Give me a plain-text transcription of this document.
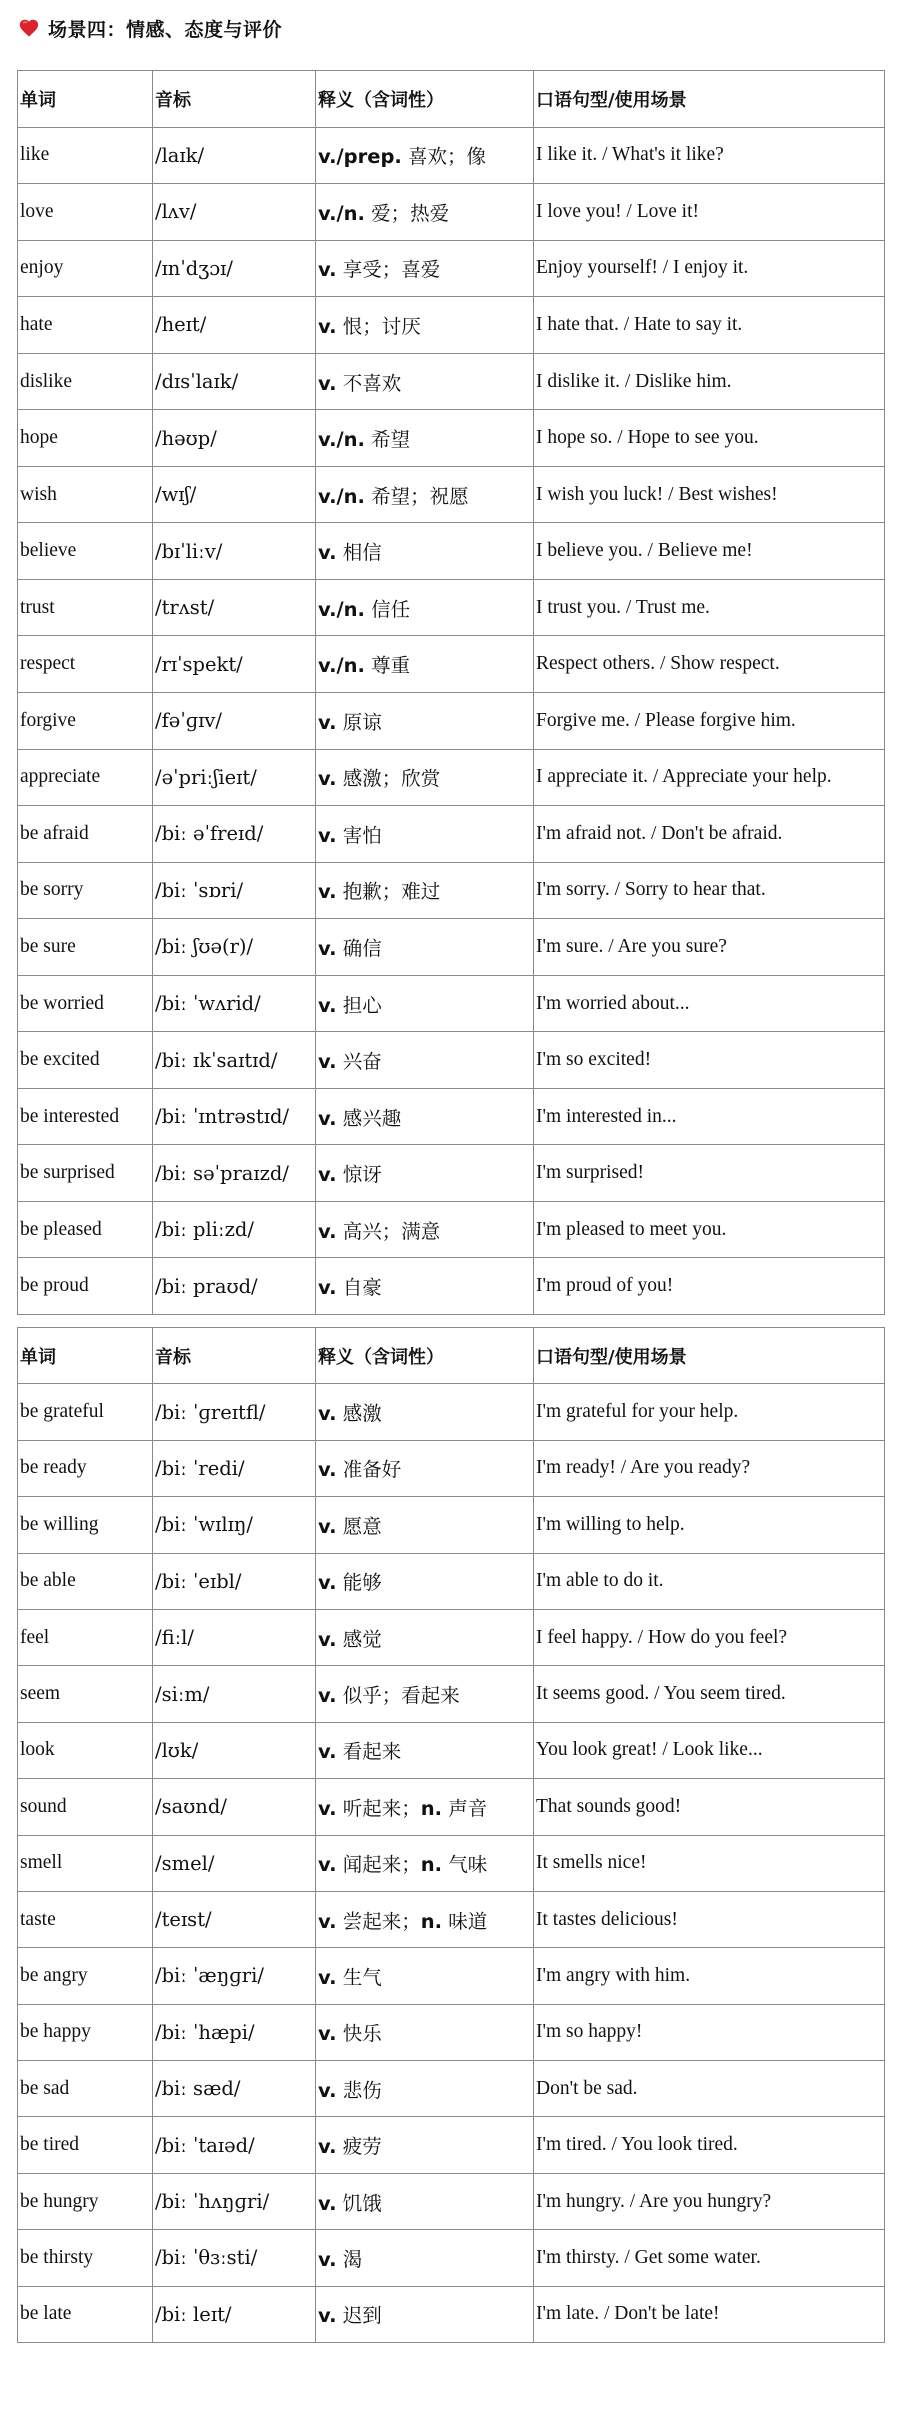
场景四：情感、态度与评价
单词	音标	释义（含词性）	口语句型/使用场景
like	/laɪk/	v./prep. 喜欢；像	I like it. / What's it like?
love	/lʌv/	v./n. 爱；热爱	I love you! / Love it!
enjoy	/ɪnˈdʒɔɪ/	v. 享受；喜爱	Enjoy yourself! / I enjoy it.
hate	/heɪt/	v. 恨；讨厌	I hate that. / Hate to say it.
dislike	/dɪsˈlaɪk/	v. 不喜欢	I dislike it. / Dislike him.
hope	/həʊp/	v./n. 希望	I hope so. / Hope to see you.
wish	/wɪʃ/	v./n. 希望；祝愿	I wish you luck! / Best wishes!
believe	/bɪˈliːv/	v. 相信	I believe you. / Believe me!
trust	/trʌst/	v./n. 信任	I trust you. / Trust me.
respect	/rɪˈspekt/	v./n. 尊重	Respect others. / Show respect.
forgive	/fəˈɡɪv/	v. 原谅	Forgive me. / Please forgive him.
appreciate	/əˈpriːʃieɪt/	v. 感激；欣赏	I appreciate it. / Appreciate your help.
be afraid	/biː əˈfreɪd/	v. 害怕	I'm afraid not. / Don't be afraid.
be sorry	/biː ˈsɒri/	v. 抱歉；难过	I'm sorry. / Sorry to hear that.
be sure	/biː ʃʊə(r)/	v. 确信	I'm sure. / Are you sure?
be worried	/biː ˈwʌrid/	v. 担心	I'm worried about...
be excited	/biː ɪkˈsaɪtɪd/	v. 兴奋	I'm so excited!
be interested	/biː ˈɪntrəstɪd/	v. 感兴趣	I'm interested in...
be surprised	/biː səˈpraɪzd/	v. 惊讶	I'm surprised!
be pleased	/biː pliːzd/	v. 高兴；满意	I'm pleased to meet you.
be proud	/biː praʊd/	v. 自豪	I'm proud of you!
单词	音标	释义（含词性）	口语句型/使用场景
be grateful	/biː ˈɡreɪtfl/	v. 感激	I'm grateful for your help.
be ready	/biː ˈredi/	v. 准备好	I'm ready! / Are you ready?
be willing	/biː ˈwɪlɪŋ/	v. 愿意	I'm willing to help.
be able	/biː ˈeɪbl/	v. 能够	I'm able to do it.
feel	/fiːl/	v. 感觉	I feel happy. / How do you feel?
seem	/siːm/	v. 似乎；看起来	It seems good. / You seem tired.
look	/lʊk/	v. 看起来	You look great! / Look like...
sound	/saʊnd/	v. 听起来；n. 声音	That sounds good!
smell	/smel/	v. 闻起来；n. 气味	It smells nice!
taste	/teɪst/	v. 尝起来；n. 味道	It tastes delicious!
be angry	/biː ˈæŋɡri/	v. 生气	I'm angry with him.
be happy	/biː ˈhæpi/	v. 快乐	I'm so happy!
be sad	/biː sæd/	v. 悲伤	Don't be sad.
be tired	/biː ˈtaɪəd/	v. 疲劳	I'm tired. / You look tired.
be hungry	/biː ˈhʌŋɡri/	v. 饥饿	I'm hungry. / Are you hungry?
be thirsty	/biː ˈθɜːsti/	v. 渴	I'm thirsty. / Get some water.
be late	/biː leɪt/	v. 迟到	I'm late. / Don't be late!
